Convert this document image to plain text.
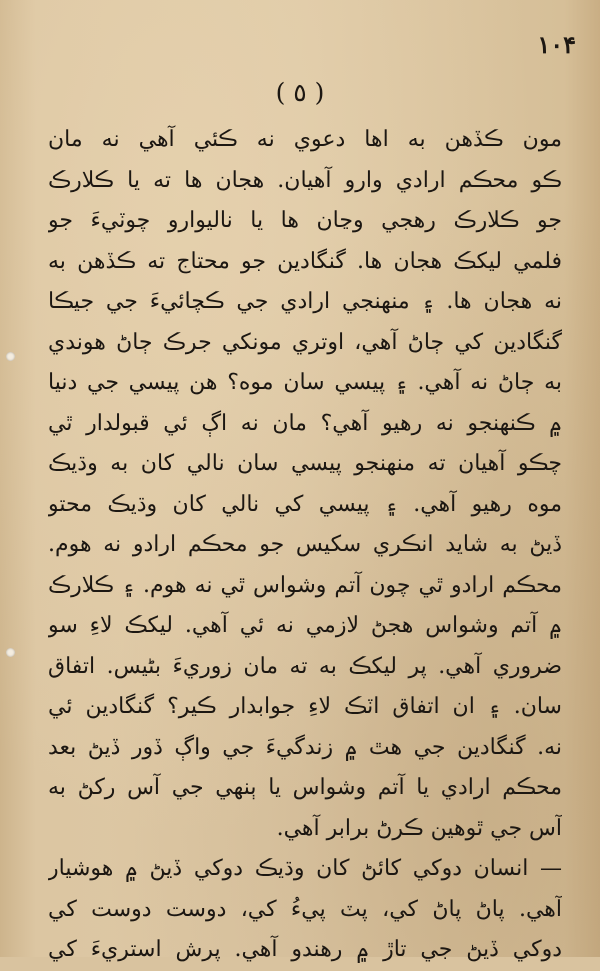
١٠۴
( ٥ )
مون ڪڏهن به اها دعوي نه ڪئي آهي نه مان
ڪو محڪم ارادي وارو آهيان. هجان ها ته يا ڪلارڪ
جو ڪلارڪ رهجي وڃان ها يا ناليوارو چوٽيءَ جو
فلمي ليکڪ هجان ها. گنگادين جو محتاج ته ڪڏهن به
نه هجان ها. ۽ منهنجي ارادي جي ڪچائيءَ جي جيڪا
گنگادين کي ڄاڻ آهي، اوتري مونکي جرڪ ڄاڻ هوندي
به ڄاڻ نه آهي. ۽ پيسي سان موه؟ هن پيسي جي دنيا
۾ ڪنهنجو نه رهيو آهي؟ مان نه اڳ ئي قبولدار ٿي
چڪو آهيان ته منهنجو پيسي سان نالي کان به وڌيڪ
موه رهيو آهي. ۽ پيسي کي نالي کان وڌيڪ محتو
ڏيڻ به شايد انڪري سکيس جو محڪم ارادو نه هوم.
محڪم ارادو ٿي چون آتم وشواس ٿي نه هوم. ۽ ڪلارڪ
۾ آتم وشواس هجڻ لازمي نه ئي آهي. ليکڪ لاءِ سو
ضروري آهي. پر ليکڪ به ته مان زوريءَ بڻيس. اتفاق
سان. ۽ ان اتفاق اٽڪ لاءِ جوابدار ڪير؟ گنگادين ئي
نه. گنگادين جي هٿ ۾ زندگيءَ جي واڳ ڏور ڏيڻ بعد
محڪم ارادي يا آتم وشواس يا ٻنهي جي آس رکڻ به
آس جي ٿوهين ڪرڻ برابر آهي.
— انسان دوکي کائڻ کان وڌيڪ دوکي ڏيڻ ۾ هوشيار
آهي. پاڻ پاڻ کي، پٽ پيءُ کي، دوست دوست کي
دوکي ڏيڻ جي تاڙ ۾ رهندو آهي. پرش استريءَ کي
